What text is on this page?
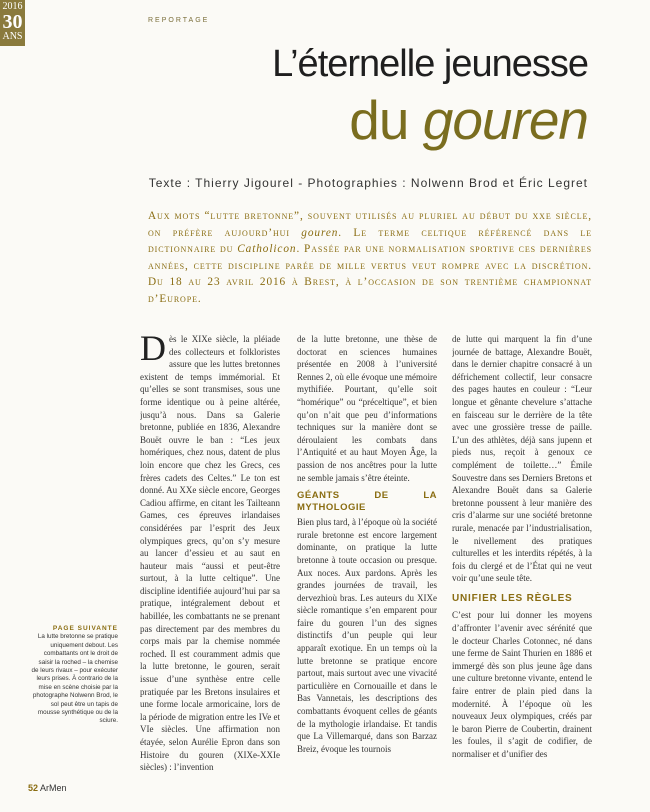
2016
30
ANS
REPORTAGE
L’éternelle jeunesse
du gouren
Texte : Thierry Jigourel - Photographies : Nolwenn Brod et Éric Legret
Aux mots “lutte bretonne”, souvent utilisés au pluriel au début du xxe siècle, on préfère aujourd’hui gouren. Le terme celtique référencé dans le dictionnaire du Catholicon. Passée par une normalisation sportive ces dernières années, cette discipline parée de mille vertus veut rompre avec la discrétion. Du 18 au 23 avril 2016 à Brest, à l’occasion de son trentième championnat d’Europe.

Dès le XIXe siècle, la pléiade des collecteurs et folkloristes assure que les luttes bretonnes existent de temps immémorial. Et qu’elles se sont transmises, sous une forme identique ou à peine altérée, jusqu’à nous. Dans sa Galerie bretonne, publiée en 1836, Alexandre Bouët ouvre le ban : “Les jeux homériques, chez nous, datent de plus loin encore que chez les Grecs, ces frères cadets des Celtes.” Le ton est donné. Au XXe siècle encore, Georges Cadiou affirme, en citant les Tailteann Games, ces épreuves irlandaises considérées par l’esprit des Jeux olympiques grecs, qu’on s’y mesure au lancer d’essieu et au saut en hauteur mais “aussi et peut-être surtout, à la lutte celtique”. Une discipline identifiée aujourd’hui par sa pratique, intégralement debout et habillée, les combattants ne se prenant pas directement par des membres du corps mais par la chemise nommée roched. Il est couramment admis que la lutte bretonne, le gouren, serait issue d’une synthèse entre celle pratiquée par les Bretons insulaires et une forme locale armoricaine, lors de la période de migration entre les IVe et VIe siècles. Une affirmation non étayée, selon Aurélie Epron dans son Histoire du gouren (XIXe-XXIe siècles) : l’invention

de la lutte bretonne, une thèse de doctorat en sciences humaines présentée en 2008 à l’université Rennes 2, où elle évoque une mémoire mythifiée. Pourtant, qu’elle soit “homérique” ou “préceltique”, et bien qu’on n’ait que peu d’informations techniques sur la manière dont se déroulaient les combats dans l’Antiquité et au haut Moyen Âge, la passion de nos ancêtres pour la lutte ne semble jamais s’être éteinte.

GÉANTS DE LA MYTHOLOGIE

Bien plus tard, à l’époque où la société rurale bretonne est encore largement dominante, on pratique la lutte bretonne à toute occasion ou presque. Aux noces. Aux pardons. Après les grandes journées de travail, les dervezhioù bras. Les auteurs du XIXe siècle romantique s’en emparent pour faire du gouren l’un des signes distinctifs d’un peuple qui leur apparaît exotique. En un temps où la lutte bretonne se pratique encore partout, mais surtout avec une vivacité particulière en Cornouaille et dans le Bas Vannetais, les descriptions des combattants évoquent celles de géants de la mythologie irlandaise. Et tandis que La Villemarqué, dans son Barzaz Breiz, évoque les tournois

de lutte qui marquent la fin d’une journée de battage, Alexandre Bouët, dans le dernier chapitre consacré à un défrichement collectif, leur consacre des pages hautes en couleur : “Leur longue et gênante chevelure s’attache en faisceau sur le derrière de la tête avec une grossière tresse de paille. L’un des athlètes, déjà sans jupenn et pieds nus, reçoit à genoux ce complément de toilette…” Émile Souvestre dans ses Derniers Bretons et Alexandre Bouët dans sa Galerie bretonne poussent à leur manière des cris d’alarme sur une société bretonne rurale, menacée par l’industrialisation, le nivellement des pratiques culturelles et les interdits répétés, à la fois du clergé et de l’État qui ne veut voir qu’une seule tête.

UNIFIER LES RÈGLES

C’est pour lui donner les moyens d’affronter l’avenir avec sérénité que le docteur Charles Cotonnec, né dans une ferme de Saint Thurien en 1886 et immergé dès son plus jeune âge dans une culture bretonne vivante, entend le faire entrer de plain pied dans la modernité. À l’époque où les nouveaux Jeux olympiques, créés par le baron Pierre de Coubertin, drainent les foules, il s’agit de codifier, de normaliser et d’unifier des

PAGE SUIVANTE
La lutte bretonne se pratique uniquement debout. Les combattants ont le droit de saisir la roched – la chemise de leurs rivaux – pour exécuter leurs prises. À contrario de la mise en scène choisie par la photographe Nolwenn Brod, le sol peut être un tapis de mousse synthétique ou de la sciure.
52 ArMen
